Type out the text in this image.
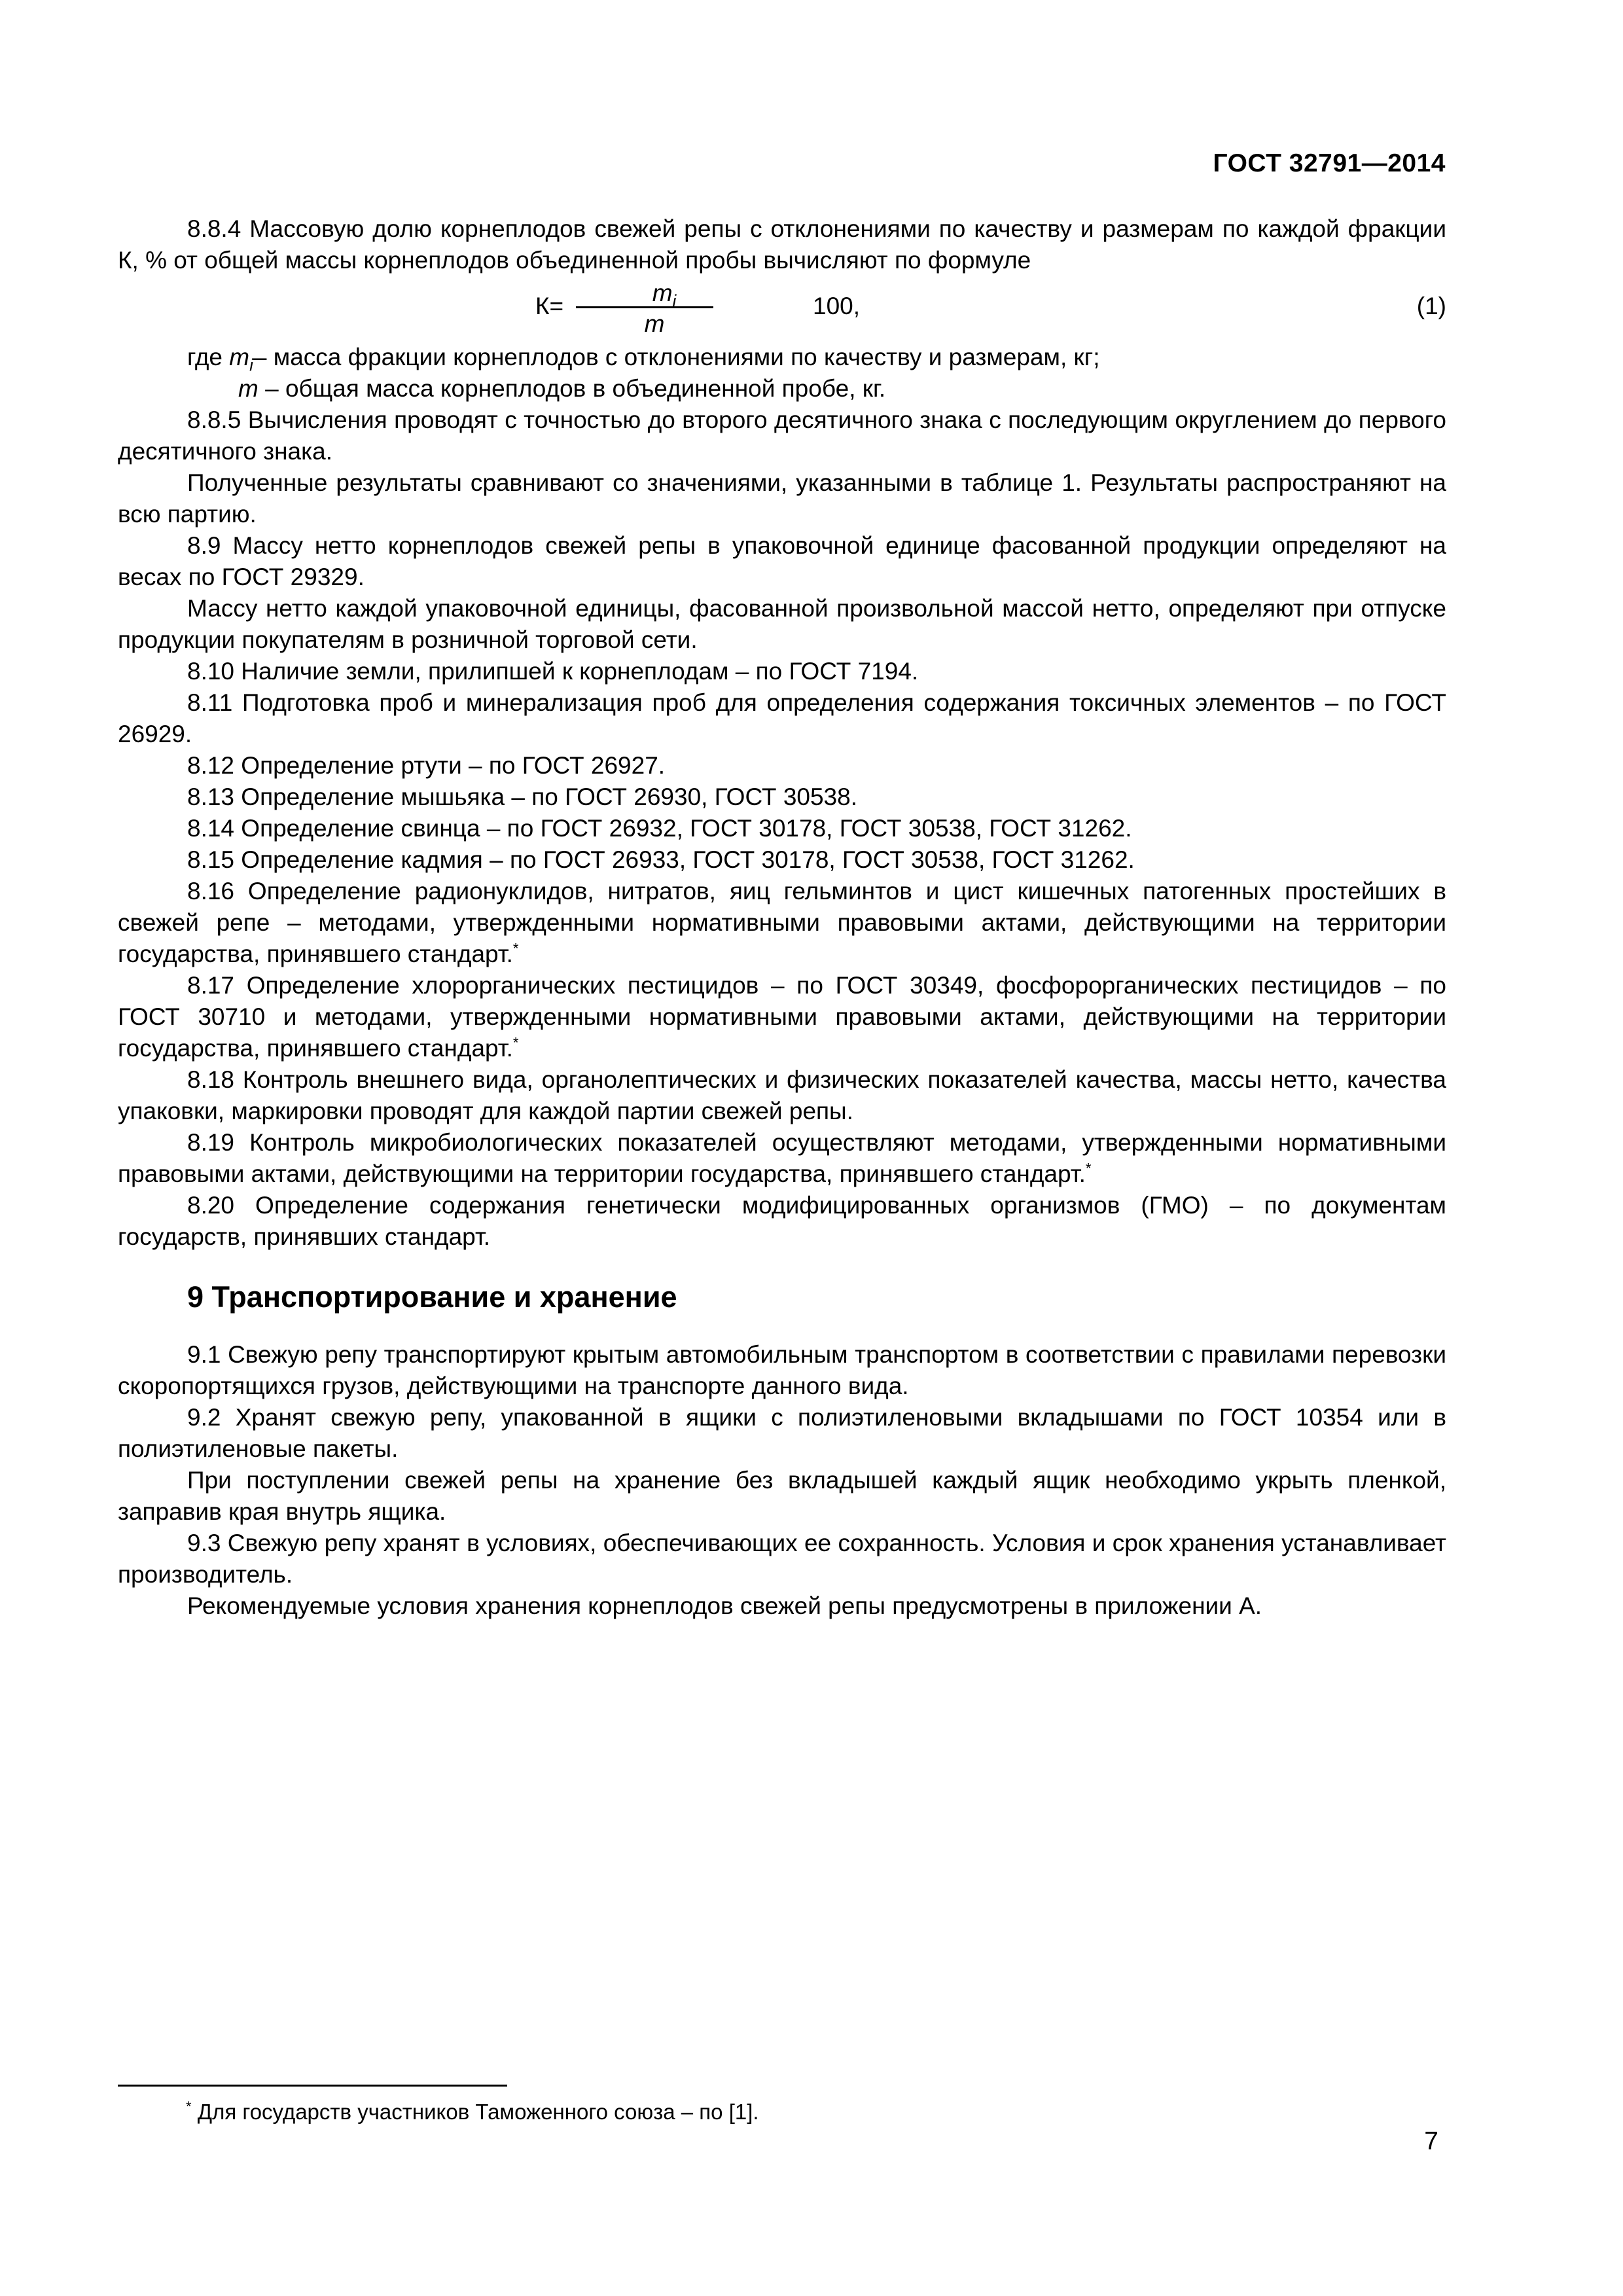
ГОСТ 32791—2014

8.8.4 Массовую долю корнеплодов свежей репы с отклонениями по качеству и размерам по каждой фракции К, % от общей массы корнеплодов объединенной пробы вычисляют по формуле

К=	$m_i$
m
100,	(1)

где $m_i-$ масса фракции корнеплодов с отклонениями по качеству и размерам, кг;

m – общая масса корнеплодов в объединенной пробе, кг.

8.8.5 Вычисления проводят с точностью до второго десятичного знака с последующим округлением до первого десятичного знака.

Полученные результаты сравнивают со значениями, указанными в таблице 1. Результаты распространяют на всю партию.

8.9 Массу нетто корнеплодов свежей репы в упаковочной единице фасованной продукции определяют на весах по ГОСТ 29329.

Массу нетто каждой упаковочной единицы, фасованной произвольной массой нетто, определяют при отпуске продукции покупателям в розничной торговой сети.

8.10 Наличие земли, прилипшей к корнеплодам – по ГОСТ 7194.

8.11 Подготовка проб и минерализация проб для определения содержания токсичных элементов – по ГОСТ 26929.

8.12 Определение ртути – по ГОСТ 26927.

8.13 Определение мышьяка – по ГОСТ 26930, ГОСТ 30538.

8.14 Определение свинца – по ГОСТ 26932, ГОСТ 30178, ГОСТ 30538, ГОСТ 31262.

8.15 Определение кадмия – по ГОСТ 26933, ГОСТ 30178, ГОСТ 30538, ГОСТ 31262.

8.16 Определение радионуклидов, нитратов, яиц гельминтов и цист кишечных патогенных простейших в свежей репе – методами, утвержденными нормативными правовыми актами, действующими на территории государства, принявшего стандарт.*

8.17 Определение хлорорганических пестицидов – по ГОСТ 30349, фосфорорганических пестицидов – по ГОСТ 30710 и методами, утвержденными нормативными правовыми актами, действующими на территории государства, принявшего стандарт.*

8.18 Контроль внешнего вида, органолептических и физических показателей качества, массы нетто, качества упаковки, маркировки проводят для каждой партии свежей репы.

8.19 Контроль микробиологических показателей осуществляют методами, утвержденными нормативными правовыми актами, действующими на территории государства, принявшего стандарт.*

8.20 Определение содержания генетически модифицированных организмов (ГМО) – по документам государств, принявших стандарт.

9 Транспортирование и хранение

9.1 Свежую репу транспортируют крытым автомобильным транспортом в соответствии с правилами перевозки скоропортящихся грузов, действующими на транспорте данного вида.

9.2 Хранят свежую репу, упакованной в ящики с полиэтиленовыми вкладышами по ГОСТ 10354 или в полиэтиленовые пакеты.

При поступлении свежей репы на хранение без вкладышей каждый ящик необходимо укрыть пленкой, заправив края внутрь ящика.

9.3 Свежую репу хранят в условиях, обеспечивающих ее сохранность. Условия и срок хранения устанавливает производитель.

Рекомендуемые условия хранения корнеплодов свежей репы предусмотрены в приложении А.

* Для государств участников Таможенного союза – по [1].
7
